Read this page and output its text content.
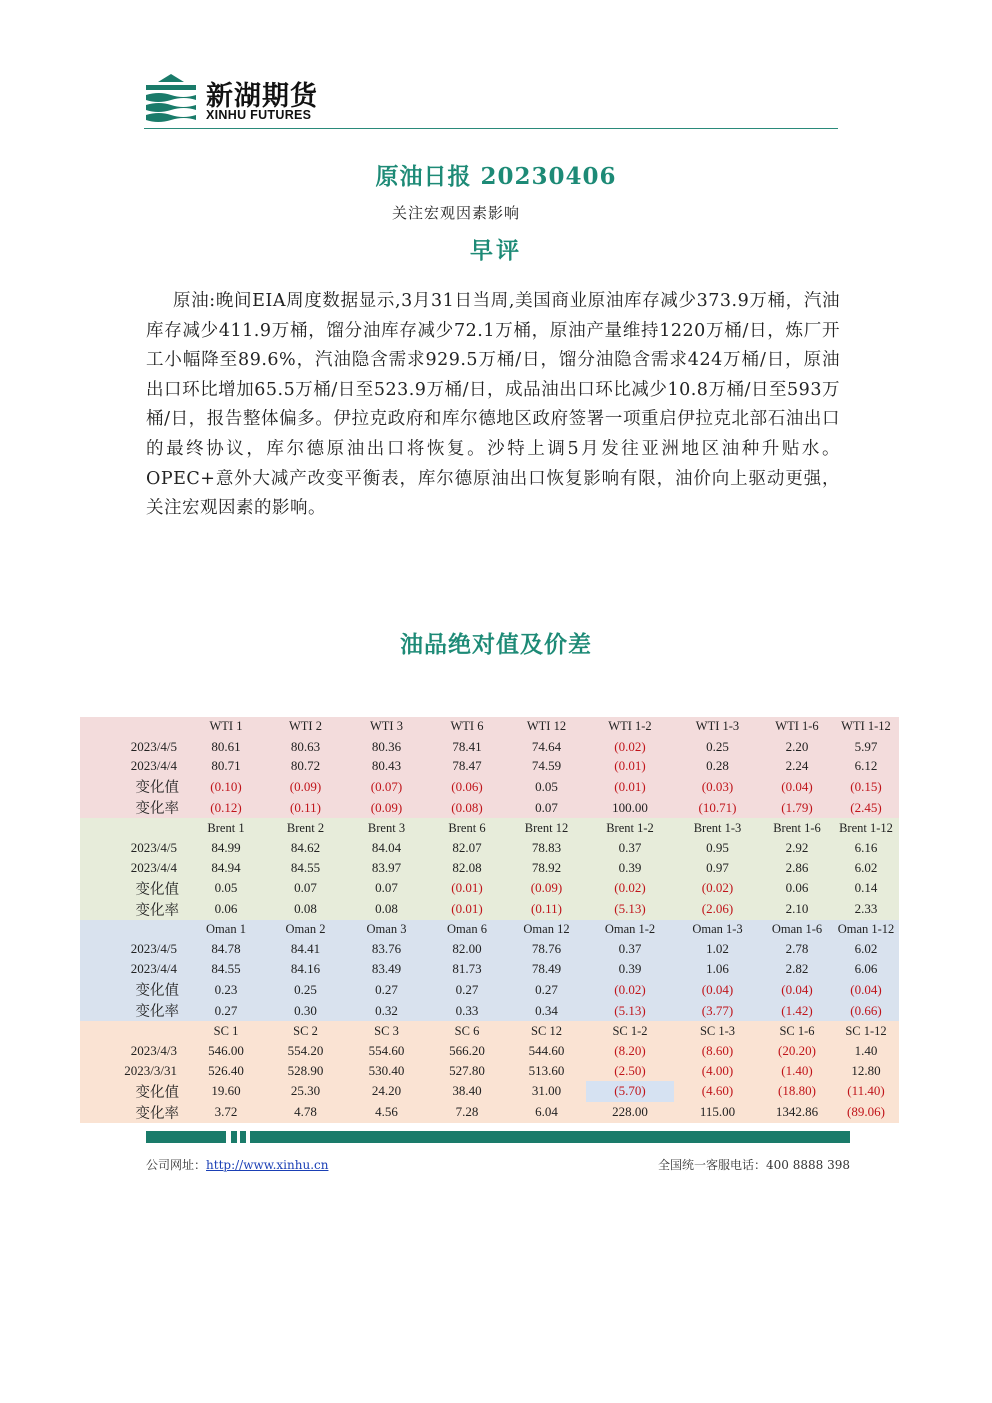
新湖期货
XINHU FUTURES
原油日报 20230406
关注宏观因素影响
早评
原油:晚间EIA周度数据显示,3月31日当周,美国商业原油库存减少373.9万桶，汽油库存减少411.9万桶，馏分油库存减少72.1万桶，原油产量维持1220万桶/日，炼厂开工小幅降至89.6%，汽油隐含需求929.5万桶/日，馏分油隐含需求424万桶/日，原油出口环比增加65.5万桶/日至523.9万桶/日，成品油出口环比减少10.8万桶/日至593万桶/日，报告整体偏多。伊拉克政府和库尔德地区政府签署一项重启伊拉克北部石油出口的最终协议，库尔德原油出口将恢复。沙特上调5月发往亚洲地区油种升贴水。OPEC+意外大减产改变平衡表，库尔德原油出口恢复影响有限，油价向上驱动更强，关注宏观因素的影响。
油品绝对值及价差
	WTI 1	WTI 2	WTI 3	WTI 6	WTI 12	WTI 1-2	WTI 1-3	WTI 1-6	WTI 1-12
2023/4/5	80.61	80.63	80.36	78.41	74.64	(0.02)	0.25	2.20	5.97
2023/4/4	80.71	80.72	80.43	78.47	74.59	(0.01)	0.28	2.24	6.12
变化值	(0.10)	(0.09)	(0.07)	(0.06)	0.05	(0.01)	(0.03)	(0.04)	(0.15)
变化率	(0.12)	(0.11)	(0.09)	(0.08)	0.07	100.00	(10.71)	(1.79)	(2.45)
	Brent 1	Brent 2	Brent 3	Brent 6	Brent 12	Brent 1-2	Brent 1-3	Brent 1-6	Brent 1-12
2023/4/5	84.99	84.62	84.04	82.07	78.83	0.37	0.95	2.92	6.16
2023/4/4	84.94	84.55	83.97	82.08	78.92	0.39	0.97	2.86	6.02
变化值	0.05	0.07	0.07	(0.01)	(0.09)	(0.02)	(0.02)	0.06	0.14
变化率	0.06	0.08	0.08	(0.01)	(0.11)	(5.13)	(2.06)	2.10	2.33
	Oman 1	Oman 2	Oman 3	Oman 6	Oman 12	Oman 1-2	Oman 1-3	Oman 1-6	Oman 1-12
2023/4/5	84.78	84.41	83.76	82.00	78.76	0.37	1.02	2.78	6.02
2023/4/4	84.55	84.16	83.49	81.73	78.49	0.39	1.06	2.82	6.06
变化值	0.23	0.25	0.27	0.27	0.27	(0.02)	(0.04)	(0.04)	(0.04)
变化率	0.27	0.30	0.32	0.33	0.34	(5.13)	(3.77)	(1.42)	(0.66)
	SC 1	SC 2	SC 3	SC 6	SC 12	SC 1-2	SC 1-3	SC 1-6	SC 1-12
2023/4/3	546.00	554.20	554.60	566.20	544.60	(8.20)	(8.60)	(20.20)	1.40
2023/3/31	526.40	528.90	530.40	527.80	513.60	(2.50)	(4.00)	(1.40)	12.80
变化值	19.60	25.30	24.20	38.40	31.00	(5.70)	(4.60)	(18.80)	(11.40)
变化率	3.72	4.78	4.56	7.28	6.04	228.00	115.00	1342.86	(89.06)
公司网址：http://www.xinhu.cn	全国统一客服电话：400 8888 398
